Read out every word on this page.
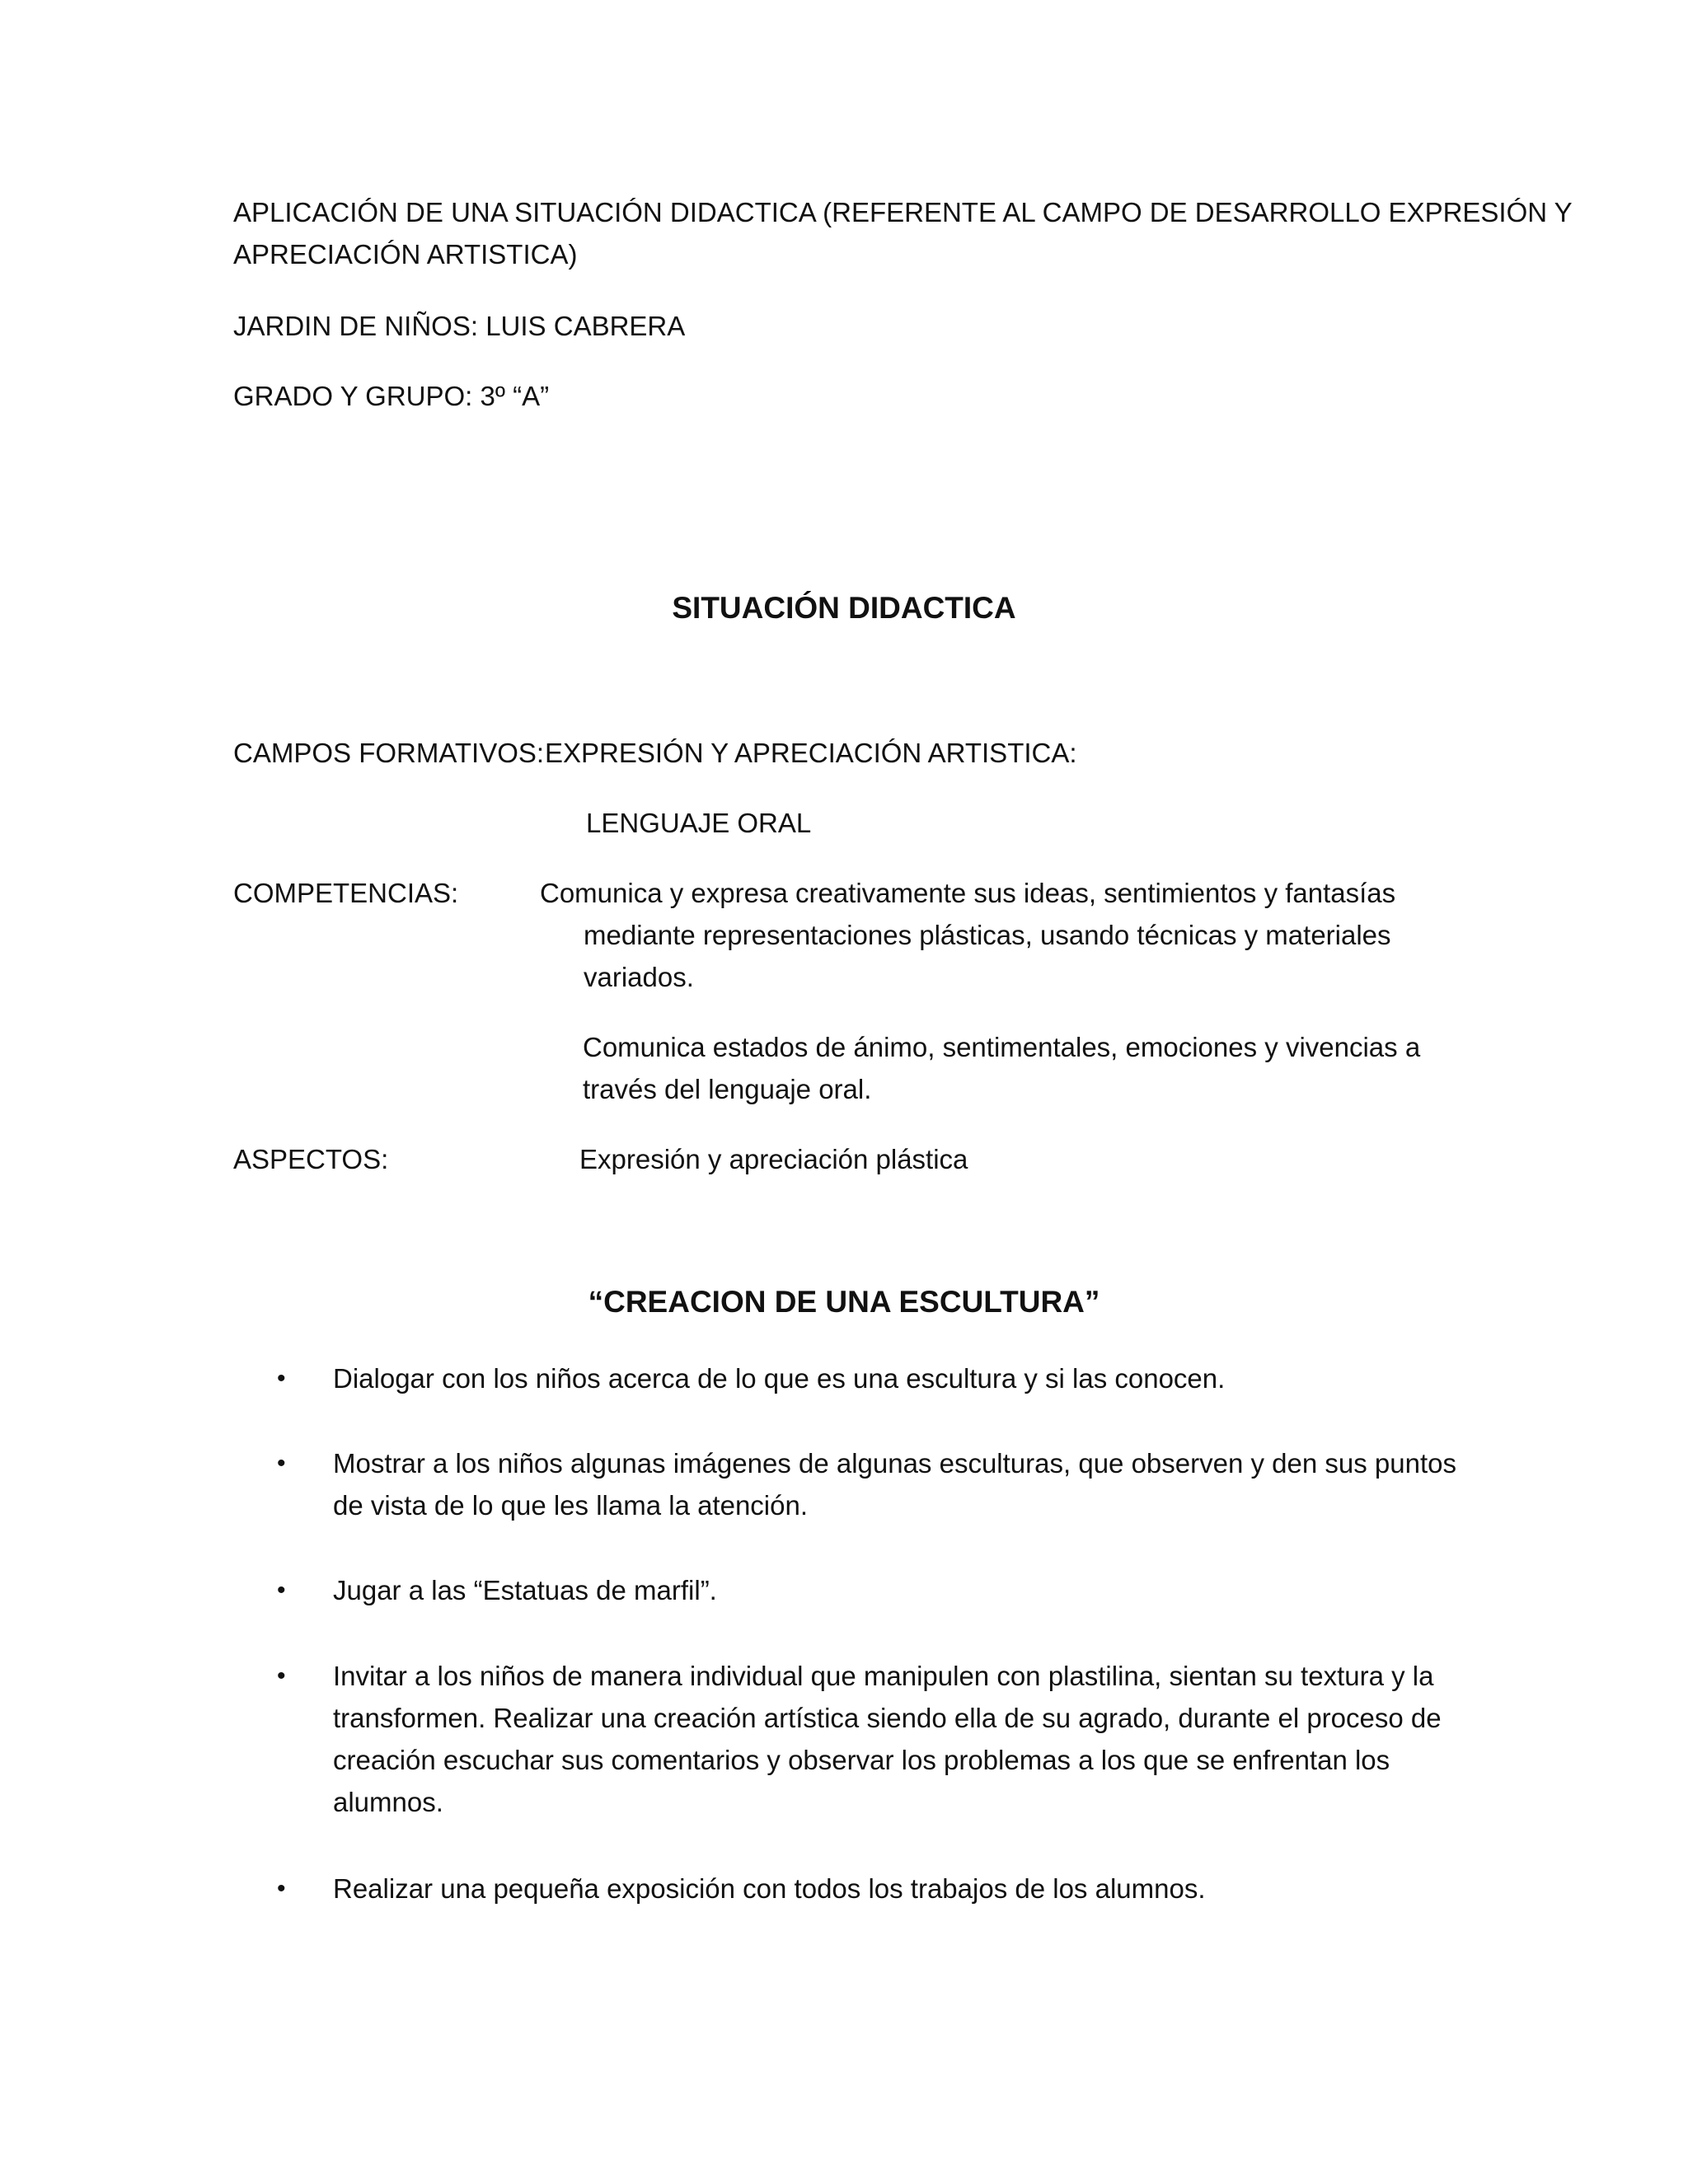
APLICACIÓN DE UNA SITUACIÓN DIDACTICA (REFERENTE AL CAMPO DE DESARROLLO EXPRESIÓN Y
APRECIACIÓN ARTISTICA)
JARDIN DE NIÑOS: LUIS CABRERA
GRADO Y GRUPO: 3º “A”
SITUACIÓN DIDACTICA
CAMPOS FORMATIVOS: EXPRESIÓN Y APRECIACIÓN ARTISTICA:
LENGUAJE ORAL
COMPETENCIAS:	Comunica y expresa creativamente sus ideas, sentimientos y fantasías mediante representaciones plásticas, usando técnicas y materiales variados.
Comunica estados de ánimo, sentimentales, emociones y vivencias a través del lenguaje oral.
ASPECTOS:	Expresión y apreciación plástica
“CREACION DE UNA ESCULTURA”
•	Dialogar con los niños acerca de lo que es una escultura y si las conocen.
•	Mostrar a los niños algunas imágenes de algunas esculturas, que observen y den sus puntos de vista de lo que les llama la atención.
•	Jugar a las “Estatuas de marfil”.
•	Invitar a los niños de manera individual que manipulen con plastilina, sientan su textura y la transformen. Realizar una creación artística siendo ella de su agrado, durante el proceso de creación escuchar sus comentarios y observar los problemas a los que se enfrentan los alumnos.
•	Realizar una pequeña exposición con todos los trabajos de los alumnos.
